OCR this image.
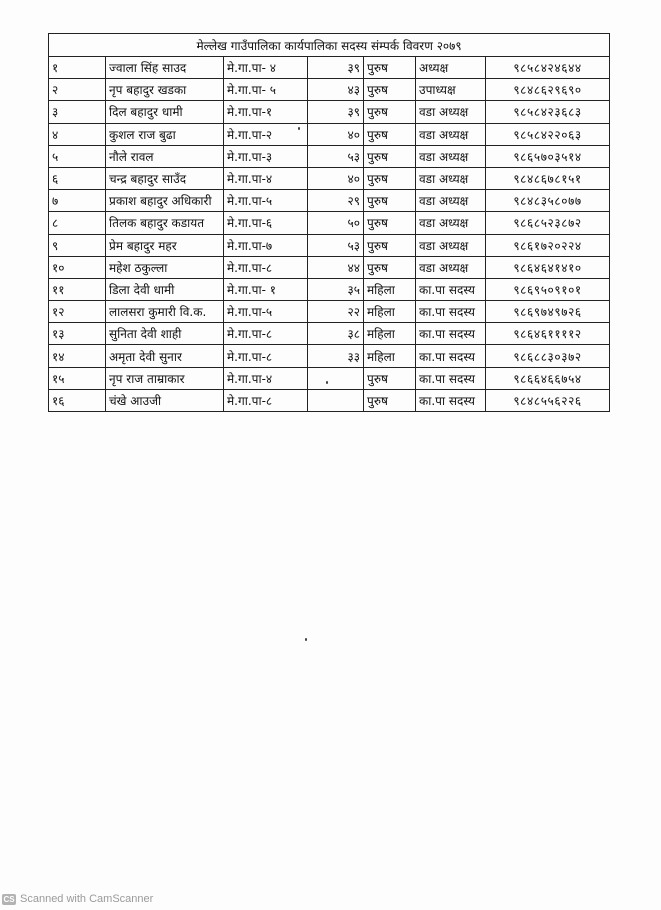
मेल्लेख गाउँपालिका कार्यपालिका सदस्य संम्पर्क विवरण २०७९						
१	ज्वाला सिंह साउद	मे.गा.पा- ४	३९	पुरुष	अध्यक्ष	९८५८४२४६४४
२	नृप बहादुर खडका	मे.गा.पा- ५	४३	पुरुष	उपाध्यक्ष	९८४८६२९६९०
३	दिल बहादुर धामी	मे.गा.पा-१	३९	पुरुष	वडा अध्यक्ष	९८५८४२३६८३
४	कुशल राज बुढा	मे.गा.पा-२	४०	पुरुष	वडा अध्यक्ष	९८५८४२२०६३
५	नौले रावल	मे.गा.पा-३	५३	पुरुष	वडा अध्यक्ष	९८६५७०३५१४
६	चन्द्र बहादुर साउँद	मे.गा.पा-४	४०	पुरुष	वडा अध्यक्ष	९८४८६७८१५१
७	प्रकाश बहादुर अधिकारी	मे.गा.पा-५	२९	पुरुष	वडा अध्यक्ष	९८४८३५८०७७
८	तिलक बहादुर कडायत	मे.गा.पा-६	५०	पुरुष	वडा अध्यक्ष	९८६८५२३८७२
९	प्रेम बहादुर महर	मे.गा.पा-७	५३	पुरुष	वडा अध्यक्ष	९८६१७२०२२४
१०	महेश ठकुल्ला	मे.गा.पा-८	४४	पुरुष	वडा अध्यक्ष	९८६४६४१४१०
११	डिला देवी धामी	मे.गा.पा- १	३५	महिला	का.पा सदस्य	९८६९५०९१०१
१२	लालसरा कुमारी वि.क.	मे.गा.पा-५	२२	महिला	का.पा सदस्य	९८६९७४९७२६
१३	सुनिता देवी शाही	मे.गा.पा-८	३८	महिला	का.पा सदस्य	९८६४६११११२
१४	अमृता देवी सुनार	मे.गा.पा-८	३३	महिला	का.पा सदस्य	९८६८८३०३७२
१५	नृप राज ताम्राकार	मे.गा.पा-४		पुरुष	का.पा सदस्य	९८६६४६६७५४
१६	चंखे आउजी	मे.गा.पा-८		पुरुष	का.पा सदस्य	९८४८५५६२२६
CS Scanned with CamScanner
